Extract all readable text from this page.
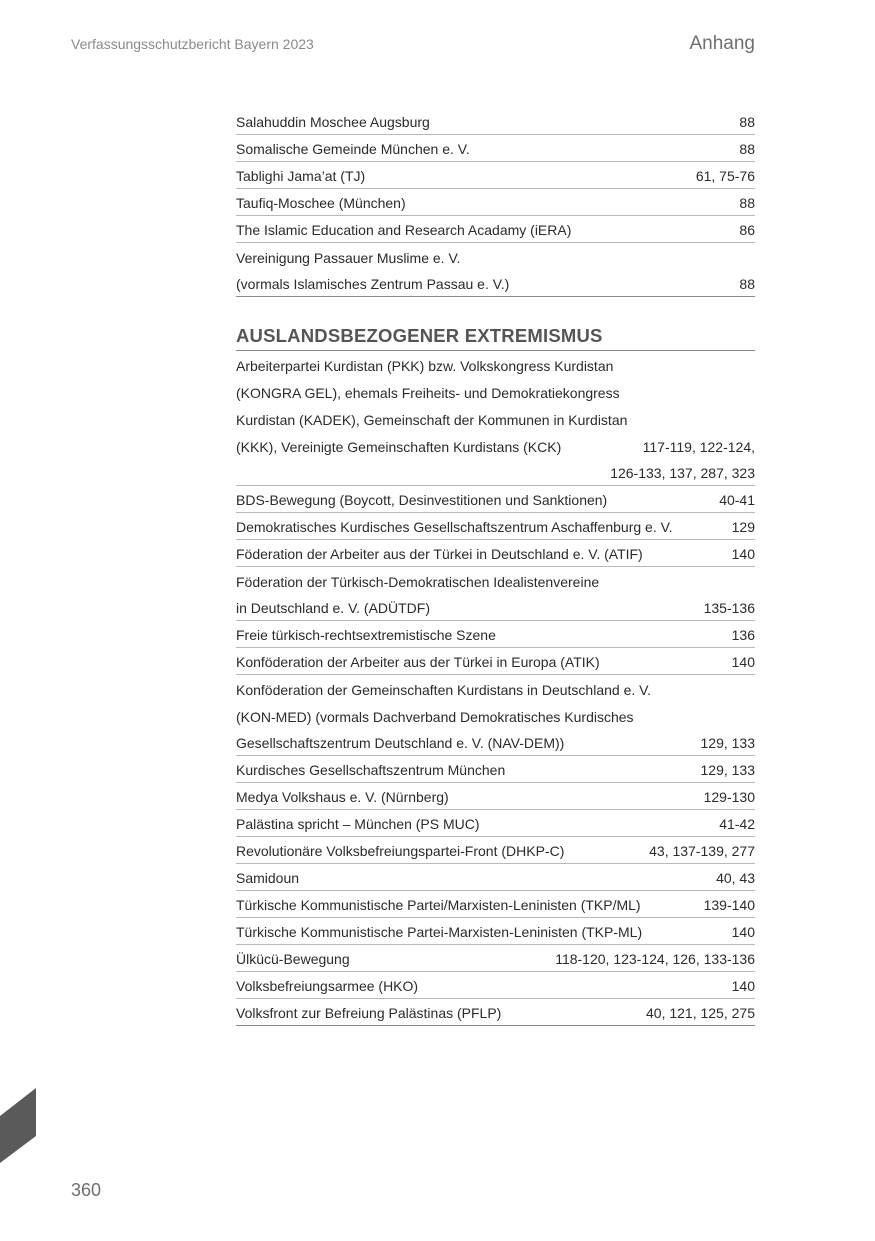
Verfassungsschutzbericht Bayern 2023	Anhang
Salahuddin Moschee Augsburg	88
Somalische Gemeinde München e. V.	88
Tablighi Jama’at (TJ)	61, 75-76
Taufiq-Moschee (München)	88
The Islamic Education and Research Acadamy (iERA)	86
Vereinigung Passauer Muslime e. V.
(vormals Islamisches Zentrum Passau e. V.)	88
AUSLANDSBEZOGENER EXTREMISMUS
Arbeiterpartei Kurdistan (PKK) bzw. Volkskongress Kurdistan
(KONGRA GEL), ehemals Freiheits- und Demokratiekongress
Kurdistan (KADEK), Gemeinschaft der Kommunen in Kurdistan
(KKK), Vereinigte Gemeinschaften Kurdistans (KCK)	117-119, 122-124,
126-133, 137, 287, 323
BDS-Bewegung (Boycott, Desinvestitionen und Sanktionen)	40-41
Demokratisches Kurdisches Gesellschaftszentrum Aschaffenburg e. V.	129
Föderation der Arbeiter aus der Türkei in Deutschland e. V. (ATIF)	140
Föderation der Türkisch-Demokratischen Idealistenvereine
in Deutschland e. V. (ADÜTDF)	135-136
Freie türkisch-rechtsextremistische Szene	136
Konföderation der Arbeiter aus der Türkei in Europa (ATIK)	140
Konföderation der Gemeinschaften Kurdistans in Deutschland e. V.
(KON-MED) (vormals Dachverband Demokratisches Kurdisches
Gesellschaftszentrum Deutschland e. V. (NAV-DEM))	129, 133
Kurdisches Gesellschaftszentrum München	129, 133
Medya Volkshaus e. V. (Nürnberg)	129-130
Palästina spricht – München (PS MUC)	41-42
Revolutionäre Volksbefreiungspartei-Front (DHKP-C)	43, 137-139, 277
Samidoun	40, 43
Türkische Kommunistische Partei/Marxisten-Leninisten (TKP/ML)	139-140
Türkische Kommunistische Partei-Marxisten-Leninisten (TKP-ML)	140
Ülkücü-Bewegung	118-120, 123-124, 126, 133-136
Volksbefreiungsarmee (HKO)	140
Volksfront zur Befreiung Palästinas (PFLP)	40, 121, 125, 275
360
